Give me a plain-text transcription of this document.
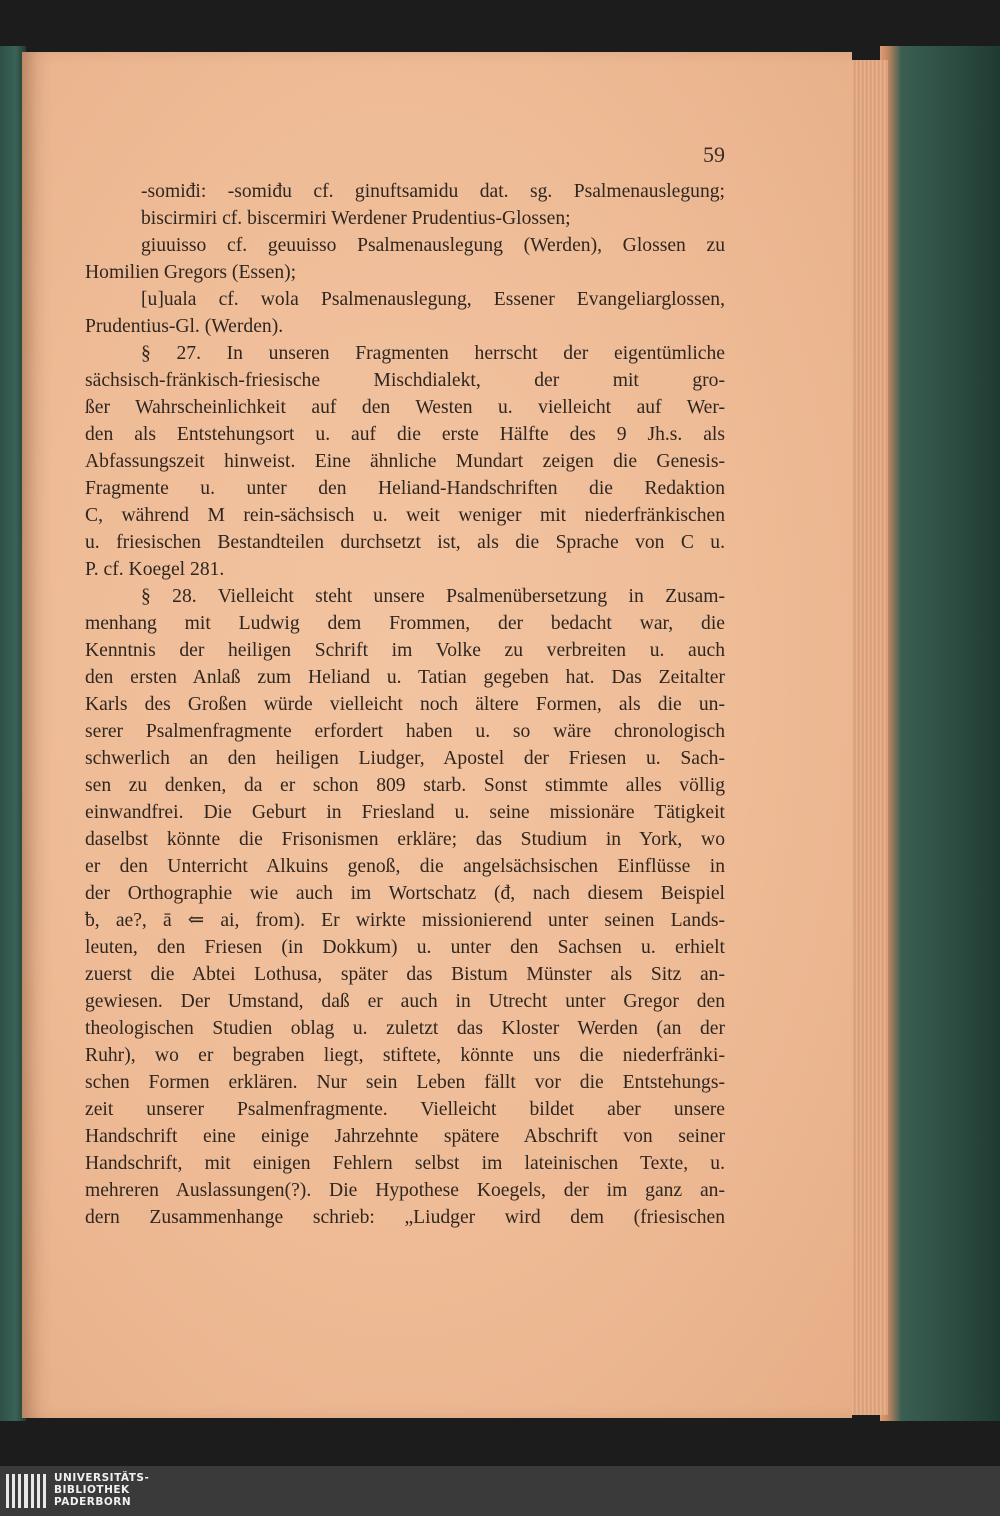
59
-somiđi: -somiđu cf. ginuftsamidu dat. sg. Psalmenauslegung;
biscirmiri cf. biscermiri Werdener Prudentius-Glossen;
giuuisso cf. geuuisso Psalmenauslegung (Werden), Glossen zu
Homilien Gregors (Essen);
[u]uala cf. wola Psalmenauslegung, Essener Evangeliarglossen,
Prudentius-Gl. (Werden).
§ 27. In unseren Fragmenten herrscht der eigentümliche
sächsisch-fränkisch-friesische Mischdialekt, der mit gro-
ßer Wahrscheinlichkeit auf den Westen u. vielleicht auf Wer-
den als Entstehungsort u. auf die erste Hälfte des 9 Jh.s. als
Abfassungszeit hinweist. Eine ähnliche Mundart zeigen die Genesis-
Fragmente u. unter den Heliand-Handschriften die Redaktion
C, während M rein-sächsisch u. weit weniger mit niederfränkischen
u. friesischen Bestandteilen durchsetzt ist, als die Sprache von C u.
P. cf. Koegel 281.
§ 28. Vielleicht steht unsere Psalmenübersetzung in Zusam-
menhang mit Ludwig dem Frommen, der bedacht war, die
Kenntnis der heiligen Schrift im Volke zu verbreiten u. auch
den ersten Anlaß zum Heliand u. Tatian gegeben hat. Das Zeitalter
Karls des Großen würde vielleicht noch ältere Formen, als die un-
serer Psalmenfragmente erfordert haben u. so wäre chronologisch
schwerlich an den heiligen Liudger, Apostel der Friesen u. Sach-
sen zu denken, da er schon 809 starb. Sonst stimmte alles völlig
einwandfrei. Die Geburt in Friesland u. seine missionäre Tätigkeit
daselbst könnte die Frisonismen erkläre; das Studium in York, wo
er den Unterricht Alkuins genoß, die angelsächsischen Einflüsse in
der Orthographie wie auch im Wortschatz (đ, nach diesem Beispiel
ƀ, ae?, ā ⇐ ai, from). Er wirkte missionierend unter seinen Lands-
leuten, den Friesen (in Dokkum) u. unter den Sachsen u. erhielt
zuerst die Abtei Lothusa, später das Bistum Münster als Sitz an-
gewiesen. Der Umstand, daß er auch in Utrecht unter Gregor den
theologischen Studien oblag u. zuletzt das Kloster Werden (an der
Ruhr), wo er begraben liegt, stiftete, könnte uns die niederfränki-
schen Formen erklären. Nur sein Leben fällt vor die Entstehungs-
zeit unserer Psalmenfragmente. Vielleicht bildet aber unsere
Handschrift eine einige Jahrzehnte spätere Abschrift von seiner
Handschrift, mit einigen Fehlern selbst im lateinischen Texte, u.
mehreren Auslassungen(?). Die Hypothese Koegels, der im ganz an-
dern Zusammenhange schrieb: „Liudger wird dem (friesischen
UNIVERSITÄTS-
BIBLIOTHEK
PADERBORN
